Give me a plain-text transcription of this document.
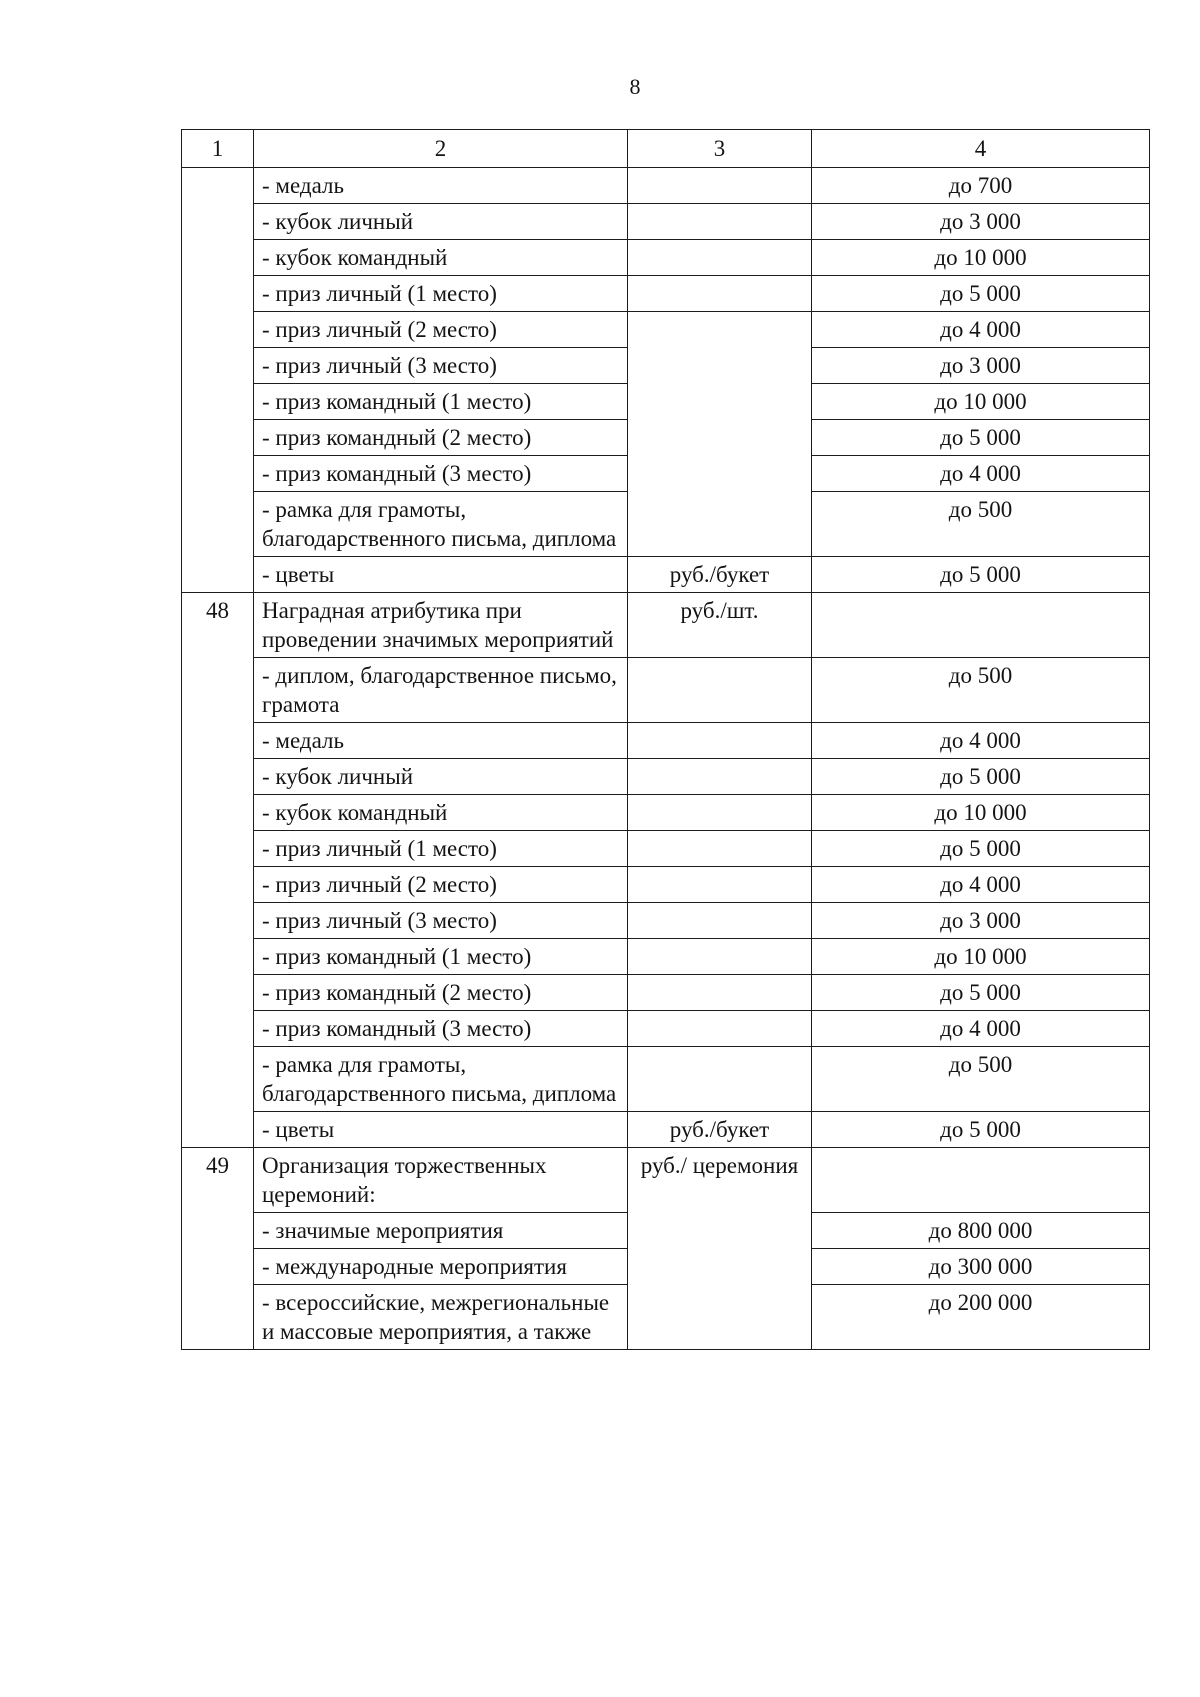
8
1	2	3	4
	- медаль		до 700
	- кубок личный		до 3 000
	- кубок командный		до 10 000
	- приз личный (1 место)		до 5 000
	- приз личный (2 место)		до 4 000
	- приз личный (3 место)		до 3 000
	- приз командный (1 место)		до 10 000
	- приз командный (2 место)		до 5 000
	- приз командный (3 место)		до 4 000
	- рамка для грамоты, благодарственного письма, диплома		до 500
	- цветы	руб./букет	до 5 000
48	Наградная атрибутика при проведении значимых мероприятий	руб./шт.	
	- диплом, благодарственное письмо, грамота		до 500
	- медаль		до 4 000
	- кубок личный		до 5 000
	- кубок командный		до 10 000
	- приз личный (1 место)		до 5 000
	- приз личный (2 место)		до 4 000
	- приз личный (3 место)		до 3 000
	- приз командный (1 место)		до 10 000
	- приз командный (2 место)		до 5 000
	- приз командный (3 место)		до 4 000
	- рамка для грамоты, благодарственного письма, диплома		до 500
	- цветы	руб./букет	до 5 000
49	Организация торжественных церемоний:	руб./ церемония	
	- значимые мероприятия		до 800 000
	- международные мероприятия		до 300 000
	- всероссийские, межрегиональные и массовые мероприятия, а также		до 200 000
